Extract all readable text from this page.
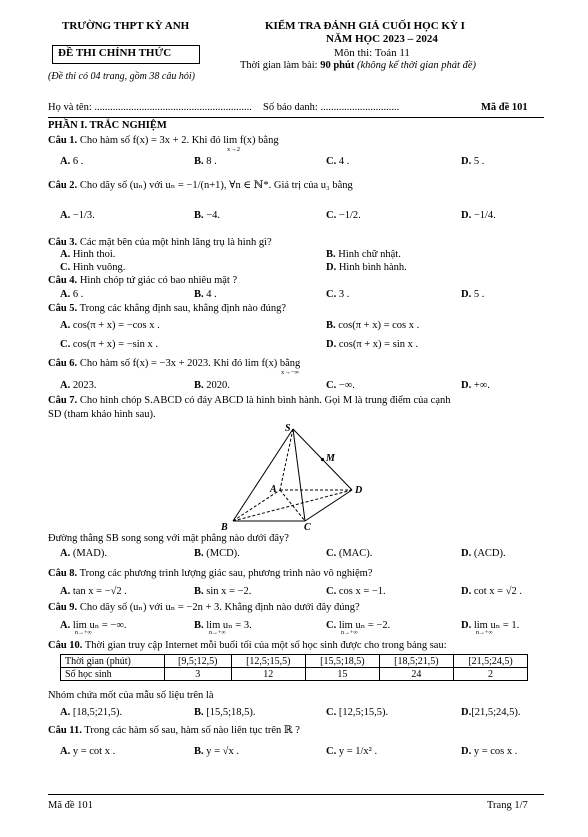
TRƯỜNG THPT KỲ ANH
ĐỀ THI CHÍNH THỨC
(Đề thi có 04 trang, gồm 38 câu hỏi)
KIỂM TRA ĐÁNH GIÁ CUỐI HỌC KỲ I
NĂM HỌC 2023 – 2024
Môn thi: Toán 11
Thời gian làm bài: 90 phút (không kể thời gian phát đề)
Họ và tên: ............................................................ Số báo danh: ..............................	Mã đề 101
PHẦN I. TRẮC NGHIỆM
Câu 1. Cho hàm số f(x) = 3x + 2. Khi đó lim f(x) bằng
x→2
A. 6 .	B. 8 .	C. 4 .	D. 5 .
Câu 2. Cho dãy số (uₙ) với uₙ = −1/(n+1), ∀n ∈ ℕ*. Giá trị của u₃ bằng
A. −1/3.	B. −4.	C. −1/2.	D. −1/4.
Câu 3. Các mặt bên của một hình lăng trụ là hình gì?
A. Hình thoi.	B. Hình chữ nhật.
C. Hình vuông.	D. Hình bình hành.
Câu 4. Hình chóp tứ giác có bao nhiêu mặt ?
A. 6 .	B. 4 .	C. 3 .	D. 5 .
Câu 5. Trong các khẳng định sau, khẳng định nào đúng?
A. cos(π + x) = −cos x .	B. cos(π + x) = cos x .
C. cos(π + x) = −sin x .	D. cos(π + x) = sin x .
Câu 6. Cho hàm số f(x) = −3x + 2023. Khi đó lim f(x) bằng
x→−∞
A. 2023.	B. 2020.	C. −∞.	D. +∞.
Câu 7. Cho hình chóp S.ABCD có đáy ABCD là hình bình hành. Gọi M là trung điểm của cạnh
SD (tham khảo hình sau).
S
M
A	D
B	C
Đường thẳng SB song song với mặt phẳng nào dưới đây?
A. (MAD).	B. (MCD).	C. (MAC).	D. (ACD).
Câu 8. Trong các phương trình lượng giác sau, phương trình nào vô nghiệm?
A. tan x = −√2 .	B. sin x = −2.	C. cos x = −1.	D. cot x = √2 .
Câu 9. Cho dãy số (uₙ) với uₙ = −2n + 3. Khẳng định nào dưới đây đúng?
A. lim uₙ = −∞.	B. lim uₙ = 3.	C. lim uₙ = −2.	D. lim uₙ = 1.
n→+∞	n→+∞	n→+∞	n→+∞
Câu 10. Thời gian truy cập Internet mỗi buổi tối của một số học sinh được cho trong bảng sau:
Thời gian (phút)	[9,5;12,5)	[12,5;15,5)	[15,5;18,5)	[18,5;21,5)	[21,5;24,5)
Số học sinh	3	12	15	24	2
Nhóm chứa mốt của mẫu số liệu trên là
A. [18,5;21,5).	B. [15,5;18,5).	C. [12,5;15,5).	D.[21,5;24,5).
Câu 11. Trong các hàm số sau, hàm số nào liên tục trên ℝ ?
A. y = cot x .	B. y = √x .	C. y = 1/x² .	D. y = cos x .
Mã đề 101	Trang 1/7
